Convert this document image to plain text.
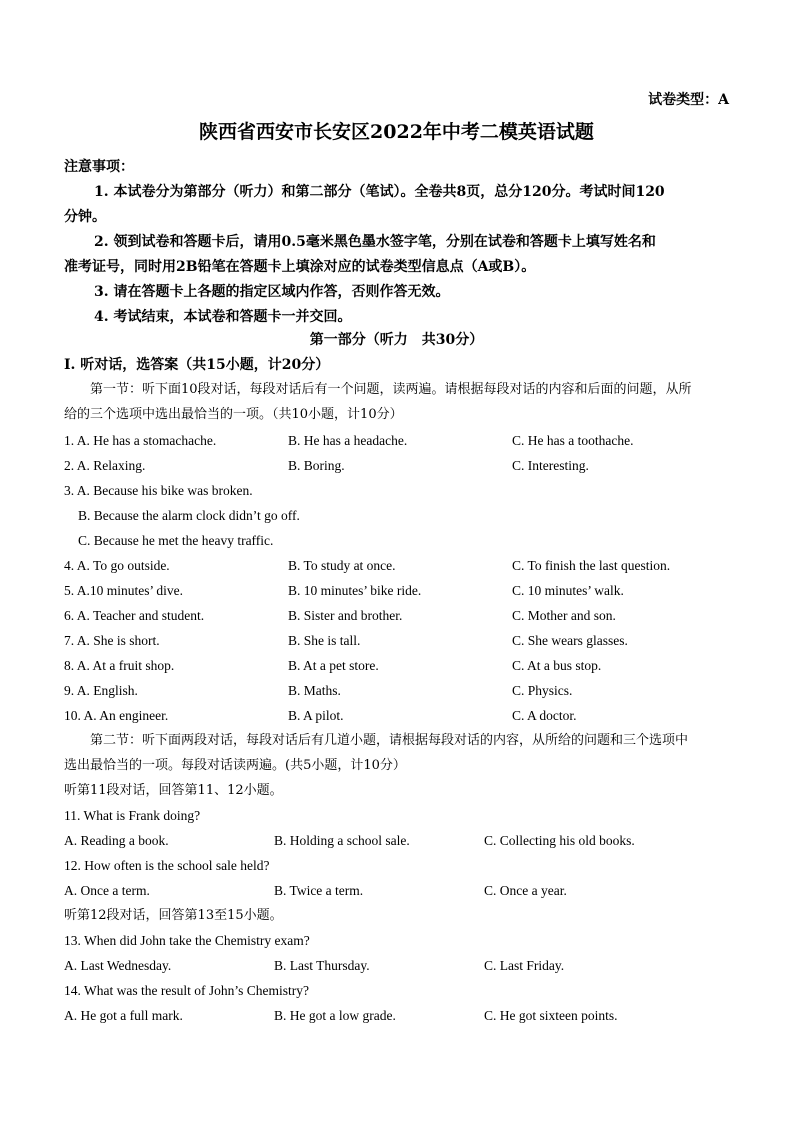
试卷类型：A
陕西省西安市长安区2022年中考二模英语试题
注意事项：
1. 本试卷分为第部分（听力）和第二部分（笔试）。全卷共8页，总分120分。考试时间120
分钟。
2. 领到试卷和答题卡后，请用0.5毫米黑色墨水签字笔，分别在试卷和答题卡上填写姓名和
准考证号，同时用2B铅笔在答题卡上填涂对应的试卷类型信息点（A或B）。
3. 请在答题卡上各题的指定区域内作答，否则作答无效。
4. 考试结束，本试卷和答题卡一并交回。
第一部分（听力　共30分）
Ⅰ. 听对话，选答案（共15小题，计20分）
第一节：听下面10段对话，每段对话后有一个问题，读两遍。请根据每段对话的内容和后面的问题，从所
给的三个选项中选出最恰当的一项。（共10小题，计10分）
1. A. He has a stomachache.	B. He has a headache.	C. He has a toothache.
2. A. Relaxing.	B. Boring.	C. Interesting.
3. A. Because his bike was broken.
B. Because the alarm clock didn’t go off.
C. Because he met the heavy traffic.
4. A. To go outside.	B. To study at once.	C. To finish the last question.
5. A.10 minutes’ dive.	B. 10 minutes’ bike ride.	C. 10 minutes’ walk.
6. A. Teacher and student.	B. Sister and brother.	C. Mother and son.
7. A. She is short.	B. She is tall.	C. She wears glasses.
8. A. At a fruit shop.	B. At a pet store.	C. At a bus stop.
9. A. English.	B. Maths.	C. Physics.
10. A. An engineer.	B. A pilot.	C. A doctor.
第二节：听下面两段对话，每段对话后有几道小题，请根据每段对话的内容，从所给的问题和三个选项中
选出最恰当的一项。每段对话读两遍。(共5小题，计10分）
听第11段对话，回答第11、12小题。
11. What is Frank doing?
A. Reading a book.	B. Holding a school sale.	C. Collecting his old books.
12. How often is the school sale held?
A. Once a term.	B. Twice a term.	C. Once a year.
听第12段对话，回答第13至15小题。
13. When did John take the Chemistry exam?
A. Last Wednesday.	B. Last Thursday.	C. Last Friday.
14. What was the result of John’s Chemistry?
A. He got a full mark.	B. He got a low grade.	C. He got sixteen points.
